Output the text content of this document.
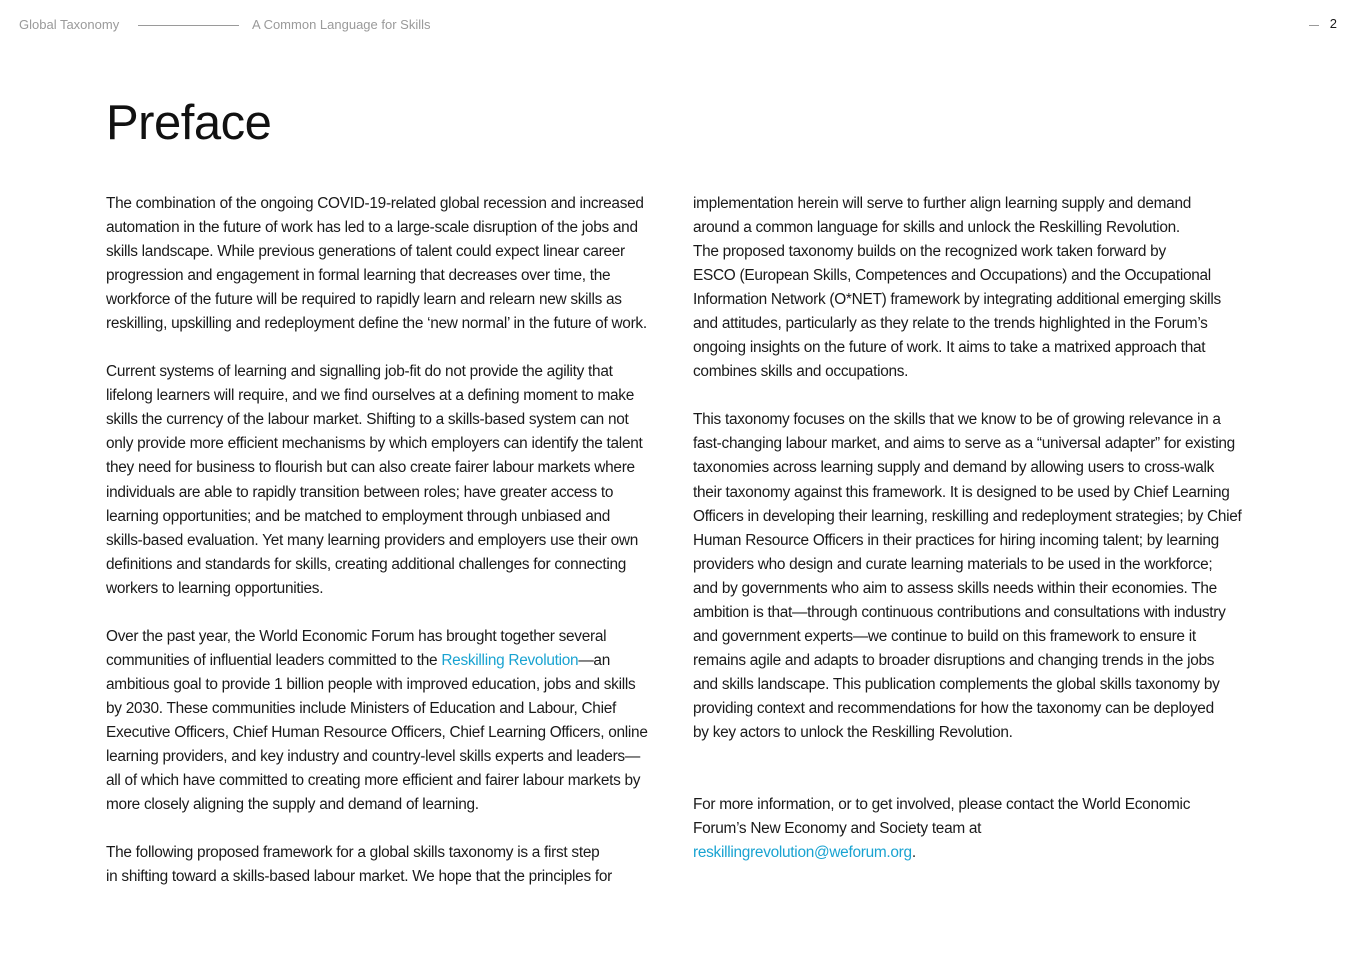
Global Taxonomy	A Common Language for Skills	2
Preface

The combination of the ongoing COVID-19-related global recession and increased
automation in the future of work has led to a large-scale disruption of the jobs and
skills landscape. While previous generations of talent could expect linear career
progression and engagement in formal learning that decreases over time, the
workforce of the future will be required to rapidly learn and relearn new skills as
reskilling, upskilling and redeployment define the ‘new normal’ in the future of work.

Current systems of learning and signalling job-fit do not provide the agility that
lifelong learners will require, and we find ourselves at a defining moment to make
skills the currency of the labour market. Shifting to a skills-based system can not
only provide more efficient mechanisms by which employers can identify the talent
they need for business to flourish but can also create fairer labour markets where
individuals are able to rapidly transition between roles; have greater access to
learning opportunities; and be matched to employment through unbiased and
skills-based evaluation. Yet many learning providers and employers use their own
definitions and standards for skills, creating additional challenges for connecting
workers to learning opportunities.

Over the past year, the World Economic Forum has brought together several
communities of influential leaders committed to the Reskilling Revolution—an
ambitious goal to provide 1 billion people with improved education, jobs and skills
by 2030. These communities include Ministers of Education and Labour, Chief
Executive Officers, Chief Human Resource Officers, Chief Learning Officers, online
learning providers, and key industry and country-level skills experts and leaders—
all of which have committed to creating more efficient and fairer labour markets by
more closely aligning the supply and demand of learning.

The following proposed framework for a global skills taxonomy is a first step
in shifting toward a skills-based labour market. We hope that the principles for

implementation herein will serve to further align learning supply and demand
around a common language for skills and unlock the Reskilling Revolution.
The proposed taxonomy builds on the recognized work taken forward by
ESCO (European Skills, Competences and Occupations) and the Occupational
Information Network (O*NET) framework by integrating additional emerging skills
and attitudes, particularly as they relate to the trends highlighted in the Forum’s
ongoing insights on the future of work. It aims to take a matrixed approach that
combines skills and occupations.

This taxonomy focuses on the skills that we know to be of growing relevance in a
fast-changing labour market, and aims to serve as a “universal adapter” for existing
taxonomies across learning supply and demand by allowing users to cross-walk
their taxonomy against this framework. It is designed to be used by Chief Learning
Officers in developing their learning, reskilling and redeployment strategies; by Chief
Human Resource Officers in their practices for hiring incoming talent; by learning
providers who design and curate learning materials to be used in the workforce;
and by governments who aim to assess skills needs within their economies. The
ambition is that—through continuous contributions and consultations with industry
and government experts—we continue to build on this framework to ensure it
remains agile and adapts to broader disruptions and changing trends in the jobs
and skills landscape. This publication complements the global skills taxonomy by
providing context and recommendations for how the taxonomy can be deployed
by key actors to unlock the Reskilling Revolution.

For more information, or to get involved, please contact the World Economic
Forum’s New Economy and Society team at
reskillingrevolution@weforum.org.
